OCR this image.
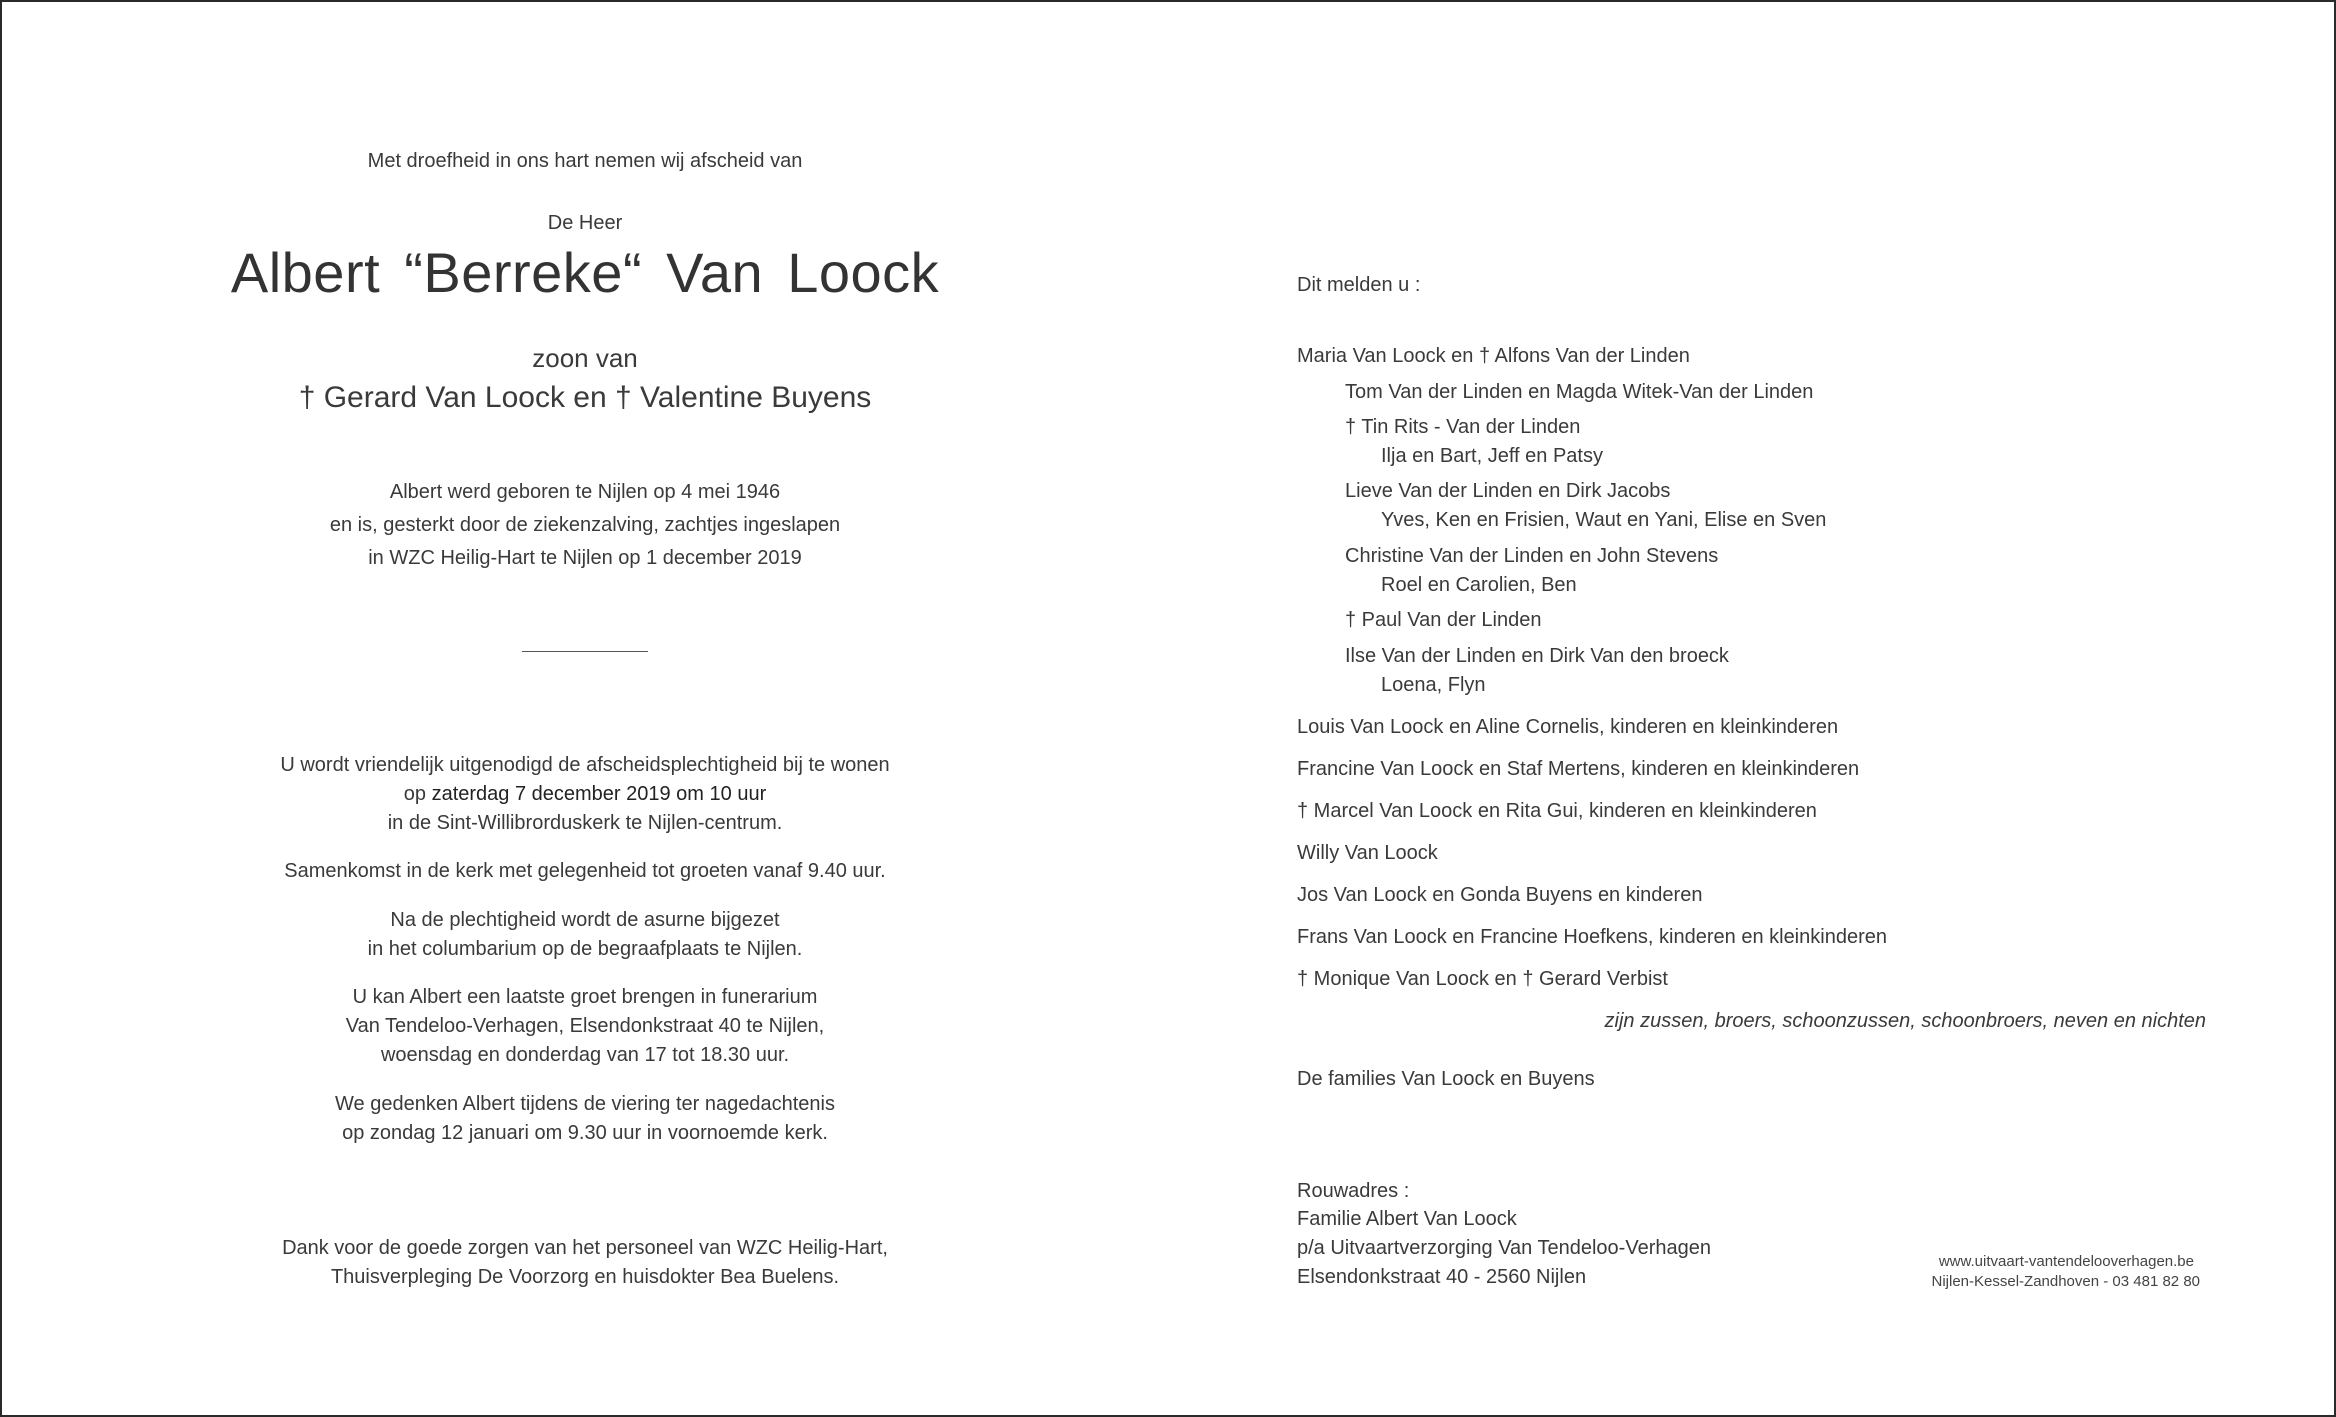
Met droefheid in ons hart nemen wij afscheid van
De Heer
Albert “Berreke“ Van Loock
zoon van
† Gerard Van Loock en † Valentine Buyens
Albert werd geboren te Nijlen op 4 mei 1946
en is, gesterkt door de ziekenzalving, zachtjes ingeslapen
in WZC Heilig-Hart te Nijlen op 1 december 2019
U wordt vriendelijk uitgenodigd de afscheidsplechtigheid bij te wonen
op zaterdag 7 december 2019 om 10 uur
in de Sint-Willibrorduskerk te Nijlen-centrum.
Samenkomst in de kerk met gelegenheid tot groeten vanaf 9.40 uur.
Na de plechtigheid wordt de asurne bijgezet
in het columbarium op de begraafplaats te Nijlen.
U kan Albert een laatste groet brengen in funerarium
Van Tendeloo-Verhagen, Elsendonkstraat 40 te Nijlen,
woensdag en donderdag van 17 tot 18.30 uur.
We gedenken Albert tijdens de viering ter nagedachtenis
op zondag 12 januari om 9.30 uur in voornoemde kerk.
Dank voor de goede zorgen van het personeel van WZC Heilig-Hart,
Thuisverpleging De Voorzorg en huisdokter Bea Buelens.
Dit melden u :
Maria Van Loock en † Alfons Van der Linden
Tom Van der Linden en Magda Witek-Van der Linden
† Tin Rits - Van der Linden
Ilja en Bart, Jeff en Patsy
Lieve Van der Linden en Dirk Jacobs
Yves, Ken en Frisien, Waut en Yani, Elise en Sven
Christine Van der Linden en John Stevens
Roel en Carolien, Ben
† Paul Van der Linden
Ilse Van der Linden en Dirk Van den broeck
Loena, Flyn
Louis Van Loock en Aline Cornelis, kinderen en kleinkinderen
Francine Van Loock en Staf Mertens, kinderen en kleinkinderen
† Marcel Van Loock en Rita Gui, kinderen en kleinkinderen
Willy Van Loock
Jos Van Loock en Gonda Buyens en kinderen
Frans Van Loock en Francine Hoefkens, kinderen en kleinkinderen
† Monique Van Loock en † Gerard Verbist
zijn zussen, broers, schoonzussen, schoonbroers, neven en nichten
De families Van Loock en Buyens
Rouwadres :
Familie Albert Van Loock
p/a Uitvaartverzorging Van Tendeloo-Verhagen
Elsendonkstraat 40 - 2560 Nijlen
www.uitvaart-vantendelooverhagen.be
Nijlen-Kessel-Zandhoven - 03 481 82 80
